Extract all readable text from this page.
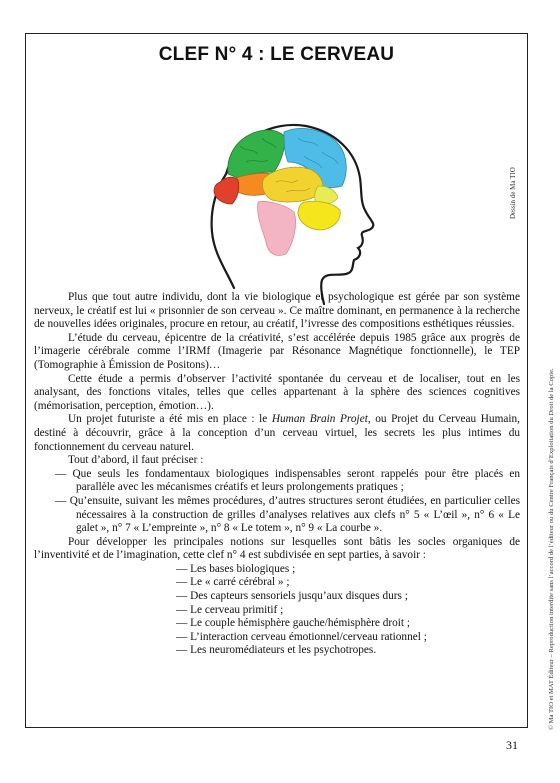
CLEF N° 4 : LE CERVEAU
Dessin de Ma TIO

Plus que tout autre individu, dont la vie biologique et psychologique est gérée par son système nerveux, le créatif est lui « prisonnier de son cerveau ». Ce maître dominant, en permanence à la recherche de nouvelles idées originales, procure en retour, au créatif, l’ivresse des compositions esthétiques réussies.

L’étude du cerveau, épicentre de la créativité, s’est accélérée depuis 1985 grâce aux progrès de l’imagerie cérébrale comme l’IRMf (Imagerie par Résonance Magnétique fonctionnelle), le TEP (Tomographie à Émission de Positons)…

Cette étude a permis d’observer l’activité spontanée du cerveau et de localiser, tout en les analysant, des fonctions vitales, telles que celles appartenant à la sphère des sciences cognitives (mémorisation, perception, émotion…).

Un projet futuriste a été mis en place : le Human Brain Projet, ou Projet du Cerveau Humain, destiné à découvrir, grâce à la conception d’un cerveau virtuel, les secrets les plus intimes du fonctionnement du cerveau naturel.

Tout d’abord, il faut préciser :

— Que seuls les fondamentaux biologiques indispensables seront rappelés pour être placés en parallèle avec les mécanismes créatifs et leurs prolongements pratiques ;

— Qu’ensuite, suivant les mêmes procédures, d’autres structures seront étudiées, en particulier celles nécessaires à la construction de grilles d’analyses relatives aux clefs n° 5 « L’œil », n° 6 « Le galet », n° 7 « L’empreinte », n° 8 « Le totem », n° 9 « La courbe ».

Pour développer les principales notions sur lesquelles sont bâtis les socles organiques de l’inventivité et de l’imagination, cette clef n° 4 est subdivisée en sept parties, à savoir :

— Les bases biologiques ;
— Le « carré cérébral » ;
— Des capteurs sensoriels jusqu’aux disques durs ;
— Le cerveau primitif ;
— Le couple hémisphère gauche/hémisphère droit ;
— L’interaction cerveau émotionnel/cerveau rationnel ;
— Les neuromédiateurs et les psychotropes.	© Ma TIO et MAT Éditeur – Reproduction interdite sans l’accord de l’éditeur ou du Centre Français d’Exploitation du Droit de la Copie.
31
